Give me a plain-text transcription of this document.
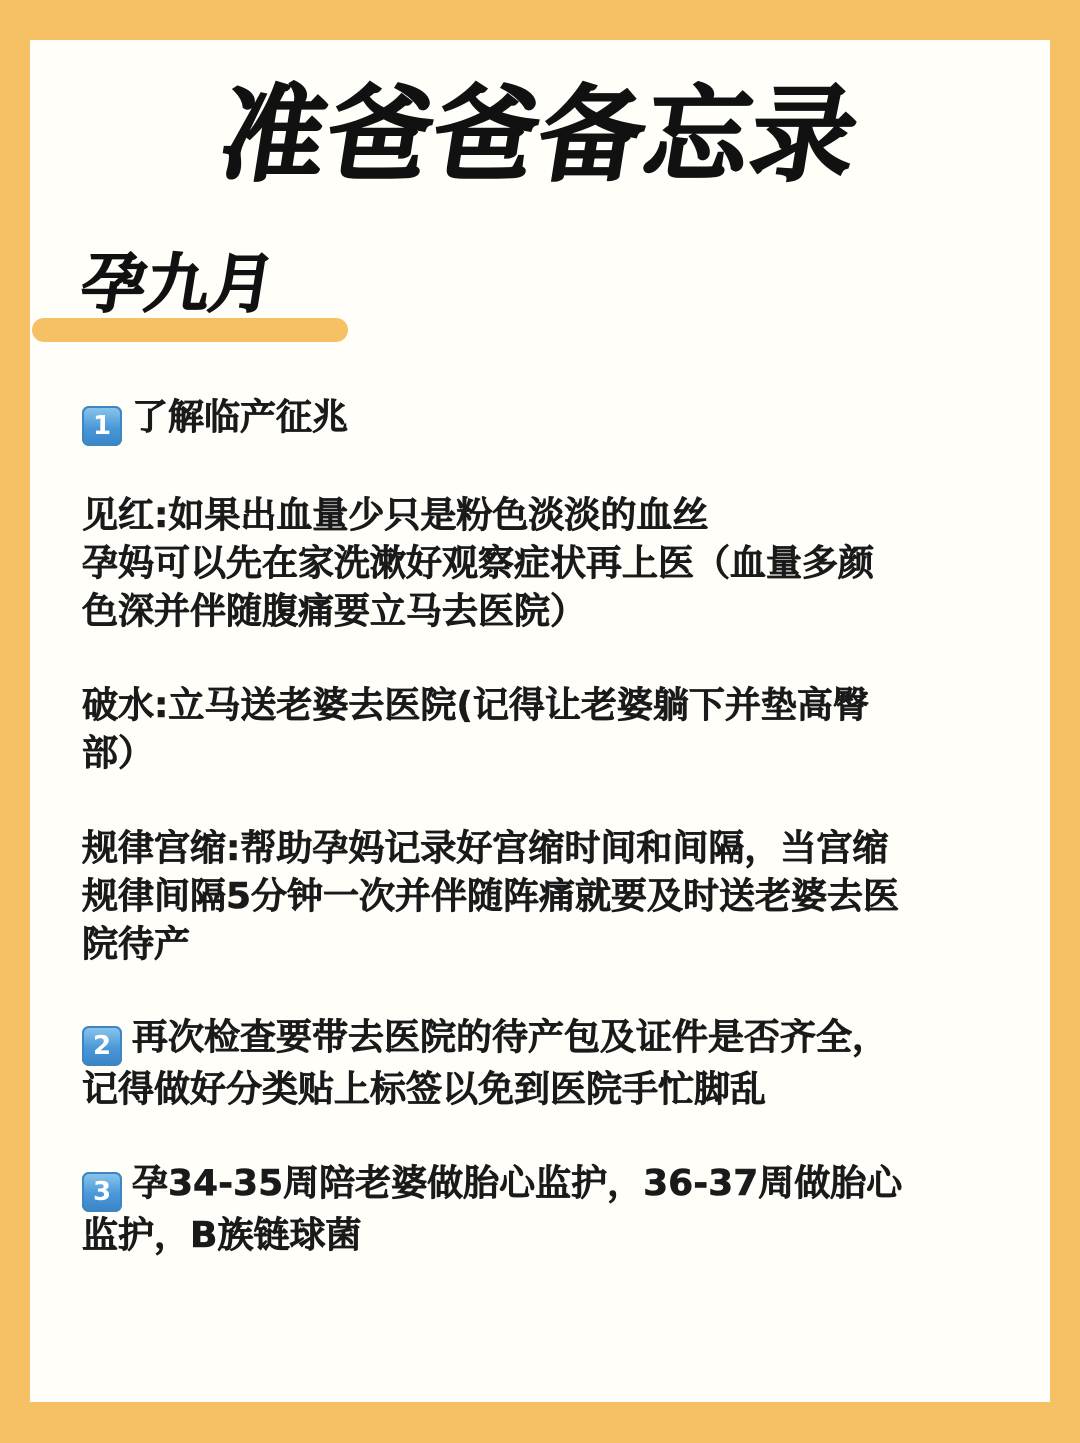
准爸爸备忘录
孕九月
1 了解临产征兆
见红:如果出血量少只是粉色淡淡的血丝
孕妈可以先在家洗漱好观察症状再上医（血量多颜
色深并伴随腹痛要立马去医院）
破水:立马送老婆去医院(记得让老婆躺下并垫高臀
部）
规律宫缩:帮助孕妈记录好宫缩时间和间隔，当宫缩
规律间隔5分钟一次并伴随阵痛就要及时送老婆去医
院待产
2 再次检查要带去医院的待产包及证件是否齐全，
记得做好分类贴上标签以免到医院手忙脚乱
3 孕34-35周陪老婆做胎心监护，36-37周做胎心
监护，B族链球菌
